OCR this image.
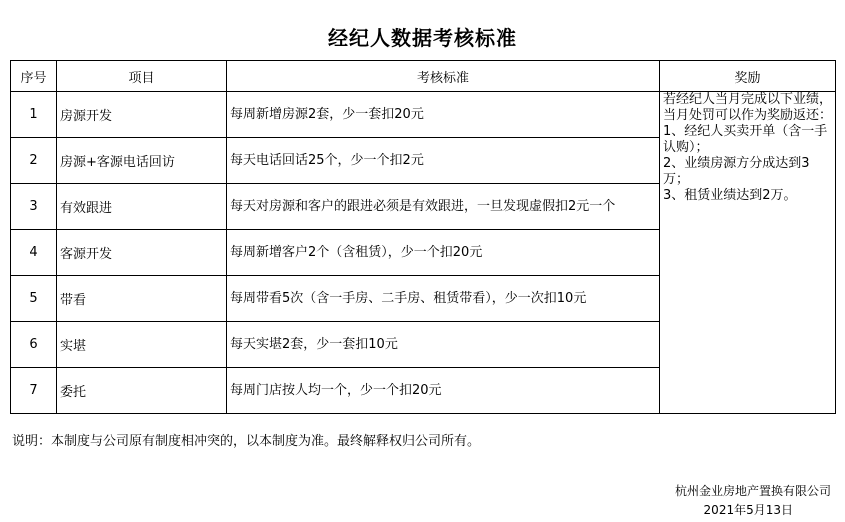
经纪人数据考核标准
序号	项目	考核标准	奖励
1	房源开发	每周新增房源2套，少一套扣20元	若经纪人当月完成以下业绩，当月处罚可以作为奖励返还：
1、经纪人买卖开单（含一手认购）；
2、业绩房源方分成达到3万；
3、租赁业绩达到2万。

2	房源+客源电话回访	每天电话回话25个，少一个扣2元	
3	有效跟进	每天对房源和客户的跟进必须是有效跟进，一旦发现虚假扣2元一个	
4	客源开发	每周新增客户2个（含租赁），少一个扣20元	
5	带看	每周带看5次（含一手房、二手房、租赁带看），少一次扣10元	
6	实堪	每天实堪2套，少一套扣10元	
7	委托	每周门店按人均一个，少一个扣20元	
说明：本制度与公司原有制度相冲突的，以本制度为准。最终解释权归公司所有。
杭州金业房地产置换有限公司
2021年5月13日
